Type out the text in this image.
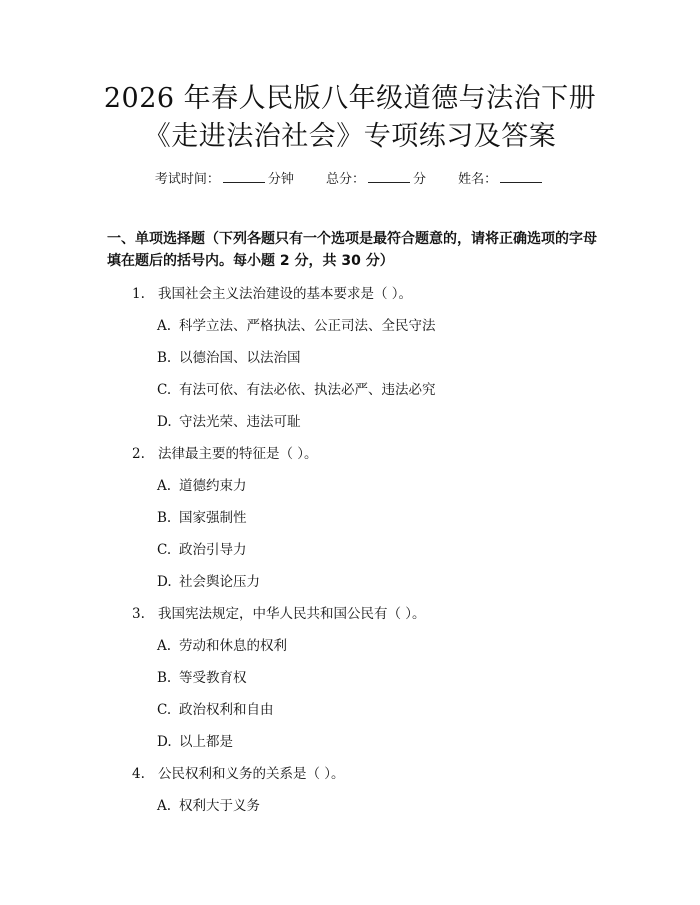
2026 年春人民版八年级道德与法治下册《走进法治社会》专项练习及答案
考试时间：	分钟 总分：	分 姓名：

一、单项选择题（下列各题只有一个选项是最符合题意的，请将正确选项的字母填在题后的括号内。每小题 2 分，共 30 分）

1. 我国社会主义法治建设的基本要求是（ ）。
A. 科学立法、严格执法、公正司法、全民守法
B. 以德治国、以法治国
C. 有法可依、有法必依、执法必严、违法必究
D. 守法光荣、违法可耻
2. 法律最主要的特征是（ ）。
A. 道德约束力
B. 国家强制性
C. 政治引导力
D. 社会舆论压力
3. 我国宪法规定，中华人民共和国公民有（ ）。
A. 劳动和休息的权利
B. 等受教育权
C. 政治权利和自由
D. 以上都是
4. 公民权利和义务的关系是（ ）。
A. 权利大于义务
